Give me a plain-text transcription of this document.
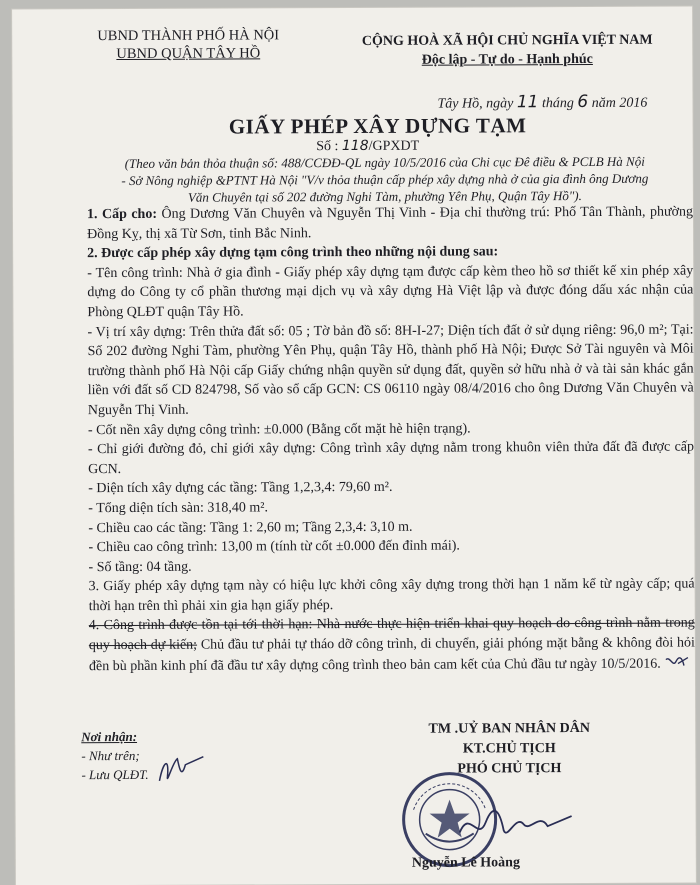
UBND THÀNH PHỐ HÀ NỘI
UBND QUẬN TÂY HỒ
CỘNG HOÀ XÃ HỘI CHỦ NGHĨA VIỆT NAM
Độc lập - Tự do - Hạnh phúc
Tây Hồ, ngày 11 tháng 6 năm 2016
GIẤY PHÉP XÂY DỰNG TẠM
Số : 118/GPXDT
(Theo văn bản thỏa thuận số: 488/CCĐĐ-QL ngày 10/5/2016 của Chi cục Đê điều & PCLB Hà Nội
- Sở Nông nghiệp &PTNT Hà Nội "V/v thỏa thuận cấp phép xây dựng nhà ở của gia đình ông Dương
Văn Chuyên tại số 202 đường Nghi Tàm, phường Yên Phụ, Quận Tây Hồ").

1. Cấp cho: Ông Dương Văn Chuyên và Nguyễn Thị Vinh - Địa chỉ thường trú: Phố Tân Thành, phường Đồng Kỵ, thị xã Từ Sơn, tỉnh Bắc Ninh.

2. Được cấp phép xây dựng tạm công trình theo những nội dung sau:

- Tên công trình: Nhà ở gia đình - Giấy phép xây dựng tạm được cấp kèm theo hồ sơ thiết kế xin phép xây dựng do Công ty cổ phần thương mại dịch vụ và xây dựng Hà Việt lập và được đóng dấu xác nhận của Phòng QLĐT quận Tây Hồ.

- Vị trí xây dựng: Trên thửa đất số: 05 ; Tờ bản đồ số: 8H-I-27; Diện tích đất ở sử dụng riêng: 96,0 m²; Tại: Số 202 đường Nghi Tàm, phường Yên Phụ, quận Tây Hồ, thành phố Hà Nội; Được Sở Tài nguyên và Môi trường thành phố Hà Nội cấp Giấy chứng nhận quyền sử dụng đất, quyền sở hữu nhà ở và tài sản khác gắn liền với đất số CD 824798, Số vào sổ cấp GCN: CS 06110 ngày 08/4/2016 cho ông Dương Văn Chuyên và Nguyễn Thị Vinh.

- Cốt nền xây dựng công trình: ±0.000 (Bằng cốt mặt hè hiện trạng).

- Chỉ giới đường đỏ, chỉ giới xây dựng: Công trình xây dựng nằm trong khuôn viên thửa đất đã được cấp GCN.

- Diện tích xây dựng các tầng: Tầng 1,2,3,4: 79,60 m².

- Tổng diện tích sàn: 318,40 m².

- Chiều cao các tầng: Tầng 1: 2,60 m; Tầng 2,3,4: 3,10 m.

- Chiều cao công trình: 13,00 m (tính từ cốt ±0.000 đến đỉnh mái).

- Số tầng: 04 tầng.

3. Giấy phép xây dựng tạm này có hiệu lực khởi công xây dựng trong thời hạn 1 năm kể từ ngày cấp; quá thời hạn trên thì phải xin gia hạn giấy phép.

4. Công trình được tồn tại tới thời hạn: Nhà nước thực hiện triển khai quy hoạch do công trình nằm trong quy hoạch dự kiến; Chủ đầu tư phải tự tháo dỡ công trình, di chuyển, giải phóng mặt bằng & không đòi hỏi đền bù phần kinh phí đã đầu tư xây dựng công trình theo bản cam kết của Chủ đầu tư ngày 10/5/2016.

Nơi nhận:
- Như trên;
- Lưu QLĐT.
TM .UỶ BAN NHÂN DÂN
KT.CHỦ TỊCH
PHÓ CHỦ TỊCH
Nguyễn Lê Hoàng
